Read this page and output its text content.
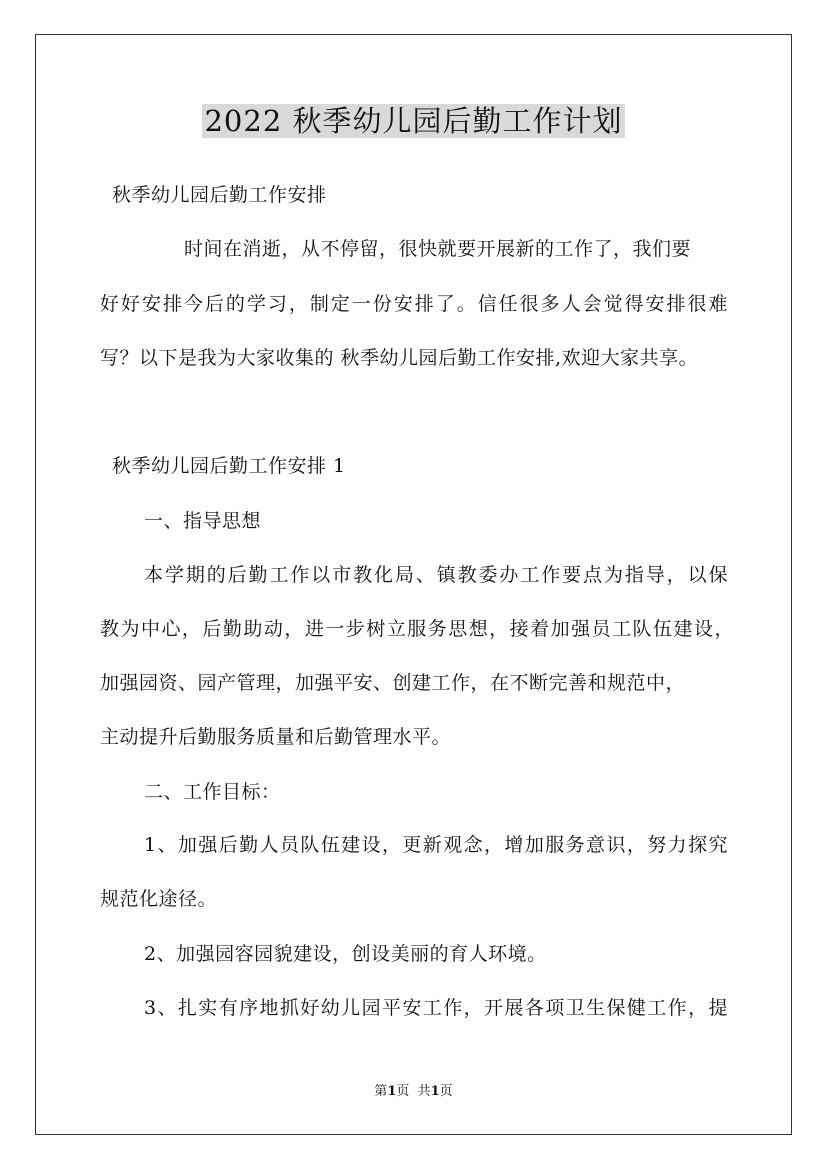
2022 秋季幼儿园后勤工作计划
秋季幼儿园后勤工作安排
时间在消逝，从不停留，很快就要开展新的工作了，我们要
好好安排今后的学习，制定一份安排了。信任很多人会觉得安排很难
写？以下是我为大家收集的 秋季幼儿园后勤工作安排,欢迎大家共享。
秋季幼儿园后勤工作安排 1
一、指导思想
本学期的后勤工作以市教化局、镇教委办工作要点为指导，以保
教为中心，后勤助动，进一步树立服务思想，接着加强员工队伍建设，
加强园资、园产管理，加强平安、创建工作，在不断完善和规范中，
主动提升后勤服务质量和后勤管理水平。
二、工作目标：
1、加强后勤人员队伍建设，更新观念，增加服务意识，努力探究
规范化途径。
2、加强园容园貌建设，创设美丽的育人环境。
3、扎实有序地抓好幼儿园平安工作，开展各项卫生保健工作，提
第1页  共1页
